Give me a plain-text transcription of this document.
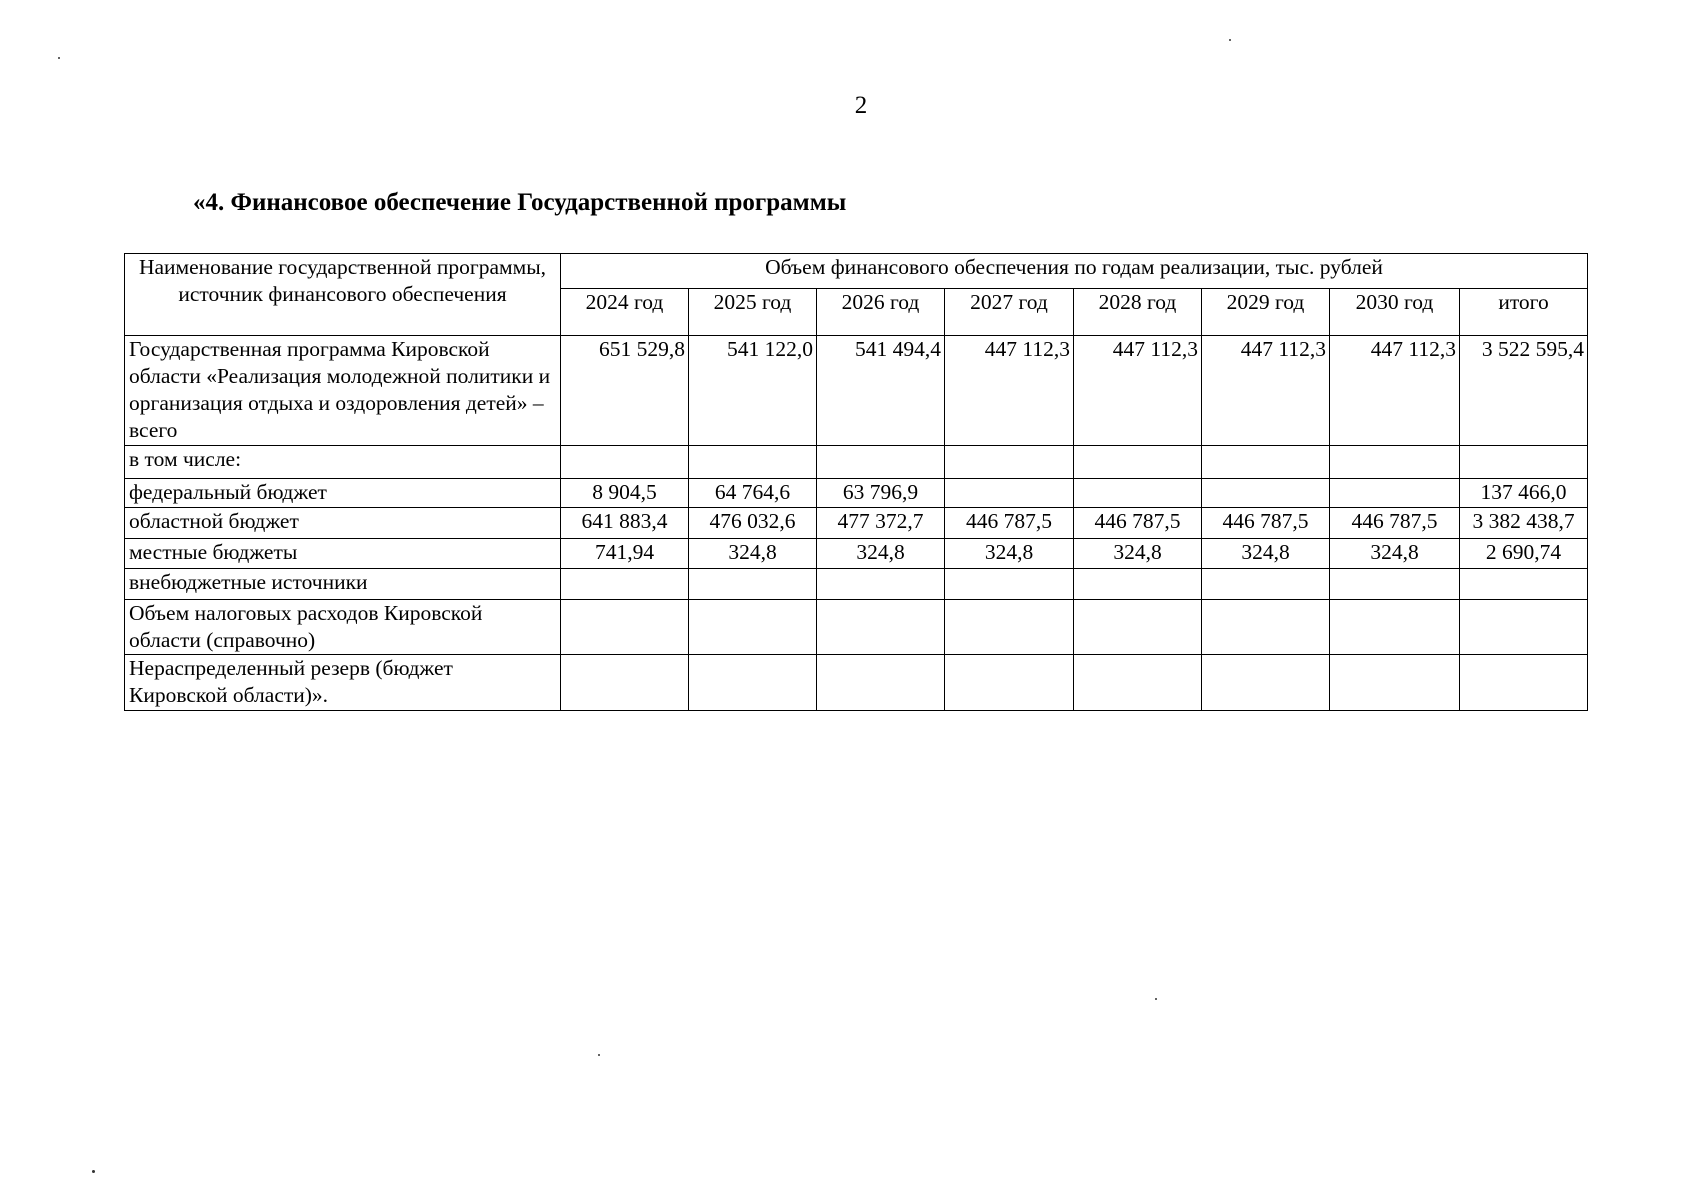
2
«4. Финансовое обеспечение Государственной программы
Наименование государственной программы, источник финансового обеспечения	Объем финансового обеспечения по годам реализации, тыс. рублей							
	2024 год	2025 год	2026 год	2027 год	2028 год	2029 год	2030 год	итого
Государственная программа Кировской области «Реализация молодежной политики и организация отдыха и оздоровления детей» – всего	651 529,8	541 122,0	541 494,4	447 112,3	447 112,3	447 112,3	447 112,3	3 522 595,4
в том числе:								
федеральный бюджет	8 904,5	64 764,6	63 796,9					137 466,0
областной бюджет	641 883,4	476 032,6	477 372,7	446 787,5	446 787,5	446 787,5	446 787,5	3 382 438,7
местные бюджеты	741,94	324,8	324,8	324,8	324,8	324,8	324,8	2 690,74
внебюджетные источники								
Объем налоговых расходов Кировской области (справочно)								
Нераспределенный резерв (бюджет Кировской области)».								
